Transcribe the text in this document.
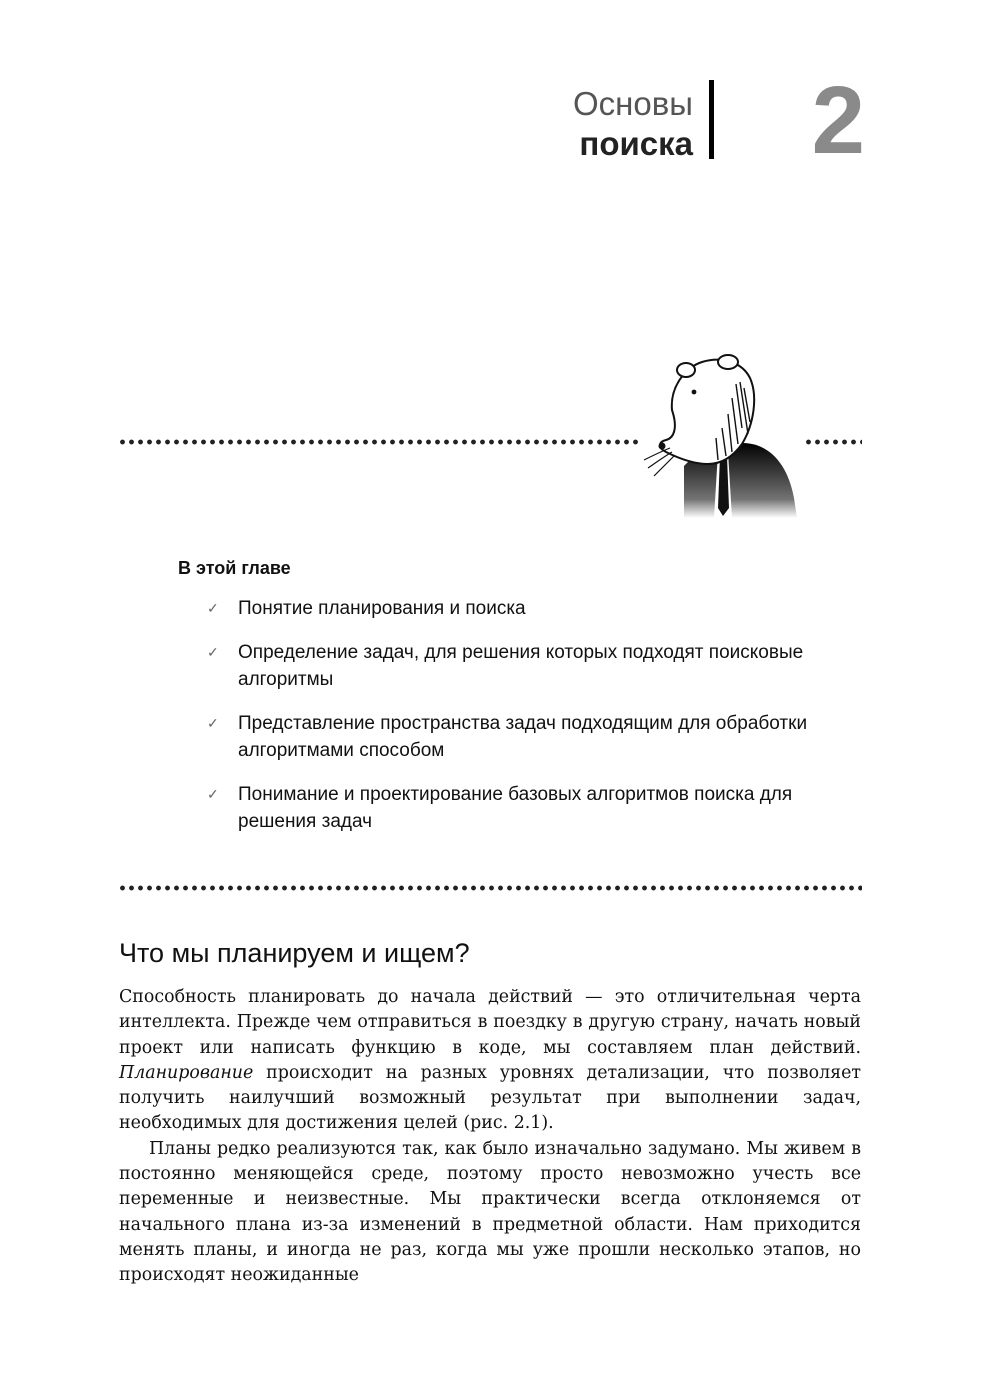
Основы
поиска 2
В этой главе
✓ Понятие планирования и поиска
✓ Определение задач, для решения которых подходят поисковые алгоритмы
✓ Представление пространства задач подходящим для обработки алгоритмами способом
✓ Понимание и проектирование базовых алгоритмов поиска для решения задач
Что мы планируем и ищем?

Способность планировать до начала действий — это отличительная черта интеллекта. Прежде чем отправиться в поездку в другую страну, начать новый проект или написать функцию в коде, мы составляем план действий. Планирование происходит на разных уровнях детализации, что позволяет получить наилучший возможный результат при выполнении задач, необходимых для достижения целей (рис. 2.1).

Планы редко реализуются так, как было изначально задумано. Мы живем в постоянно меняющейся среде, поэтому просто невозможно учесть все переменные и неизвестные. Мы практически всегда отклоняемся от начального плана из-за изменений в предметной области. Нам приходится менять планы, и иногда не раз, когда мы уже прошли несколько этапов, но происходят неожиданные
